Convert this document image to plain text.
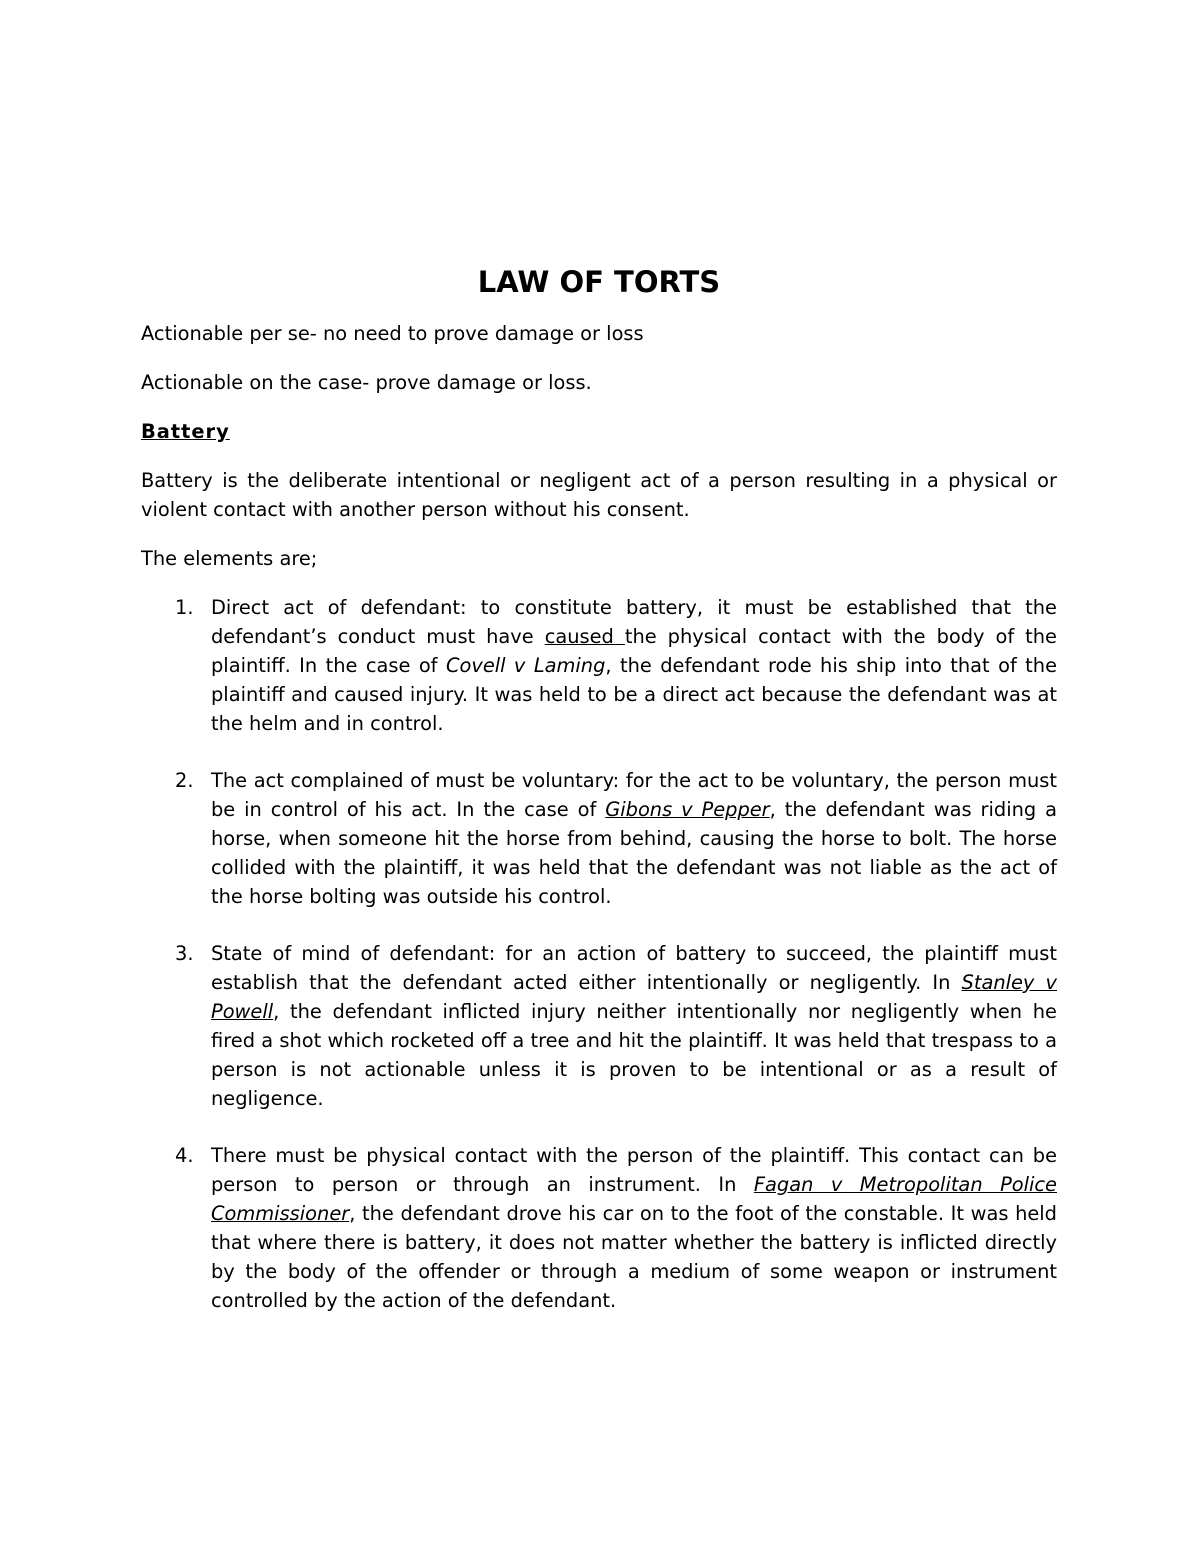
LAW OF TORTS

Actionable per se- no need to prove damage or loss

Actionable on the case- prove damage or loss.

Battery

Battery is the deliberate intentional or negligent act of a person resulting in a physical or violent contact with another person without his consent.

The elements are;

1. Direct act of defendant: to constitute battery, it must be established that the defendant’s conduct must have caused the physical contact with the body of the plaintiff. In the case of Covell v Laming, the defendant rode his ship into that of the plaintiff and caused injury. It was held to be a direct act because the defendant was at the helm and in control.
2. The act complained of must be voluntary: for the act to be voluntary, the person must be in control of his act. In the case of Gibons v Pepper, the defendant was riding a horse, when someone hit the horse from behind, causing the horse to bolt. The horse collided with the plaintiff, it was held that the defendant was not liable as the act of the horse bolting was outside his control.
3. State of mind of defendant: for an action of battery to succeed, the plaintiff must establish that the defendant acted either intentionally or negligently. In Stanley v Powell, the defendant inflicted injury neither intentionally nor negligently when he fired a shot which rocketed off a tree and hit the plaintiff. It was held that trespass to a person is not actionable unless it is proven to be intentional or as a result of negligence.
4. There must be physical contact with the person of the plaintiff. This contact can be person to person or through an instrument. In Fagan v Metropolitan Police Commissioner, the defendant drove his car on to the foot of the constable. It was held that where there is battery, it does not matter whether the battery is inflicted directly by the body of the offender or through a medium of some weapon or instrument controlled by the action of the defendant.
